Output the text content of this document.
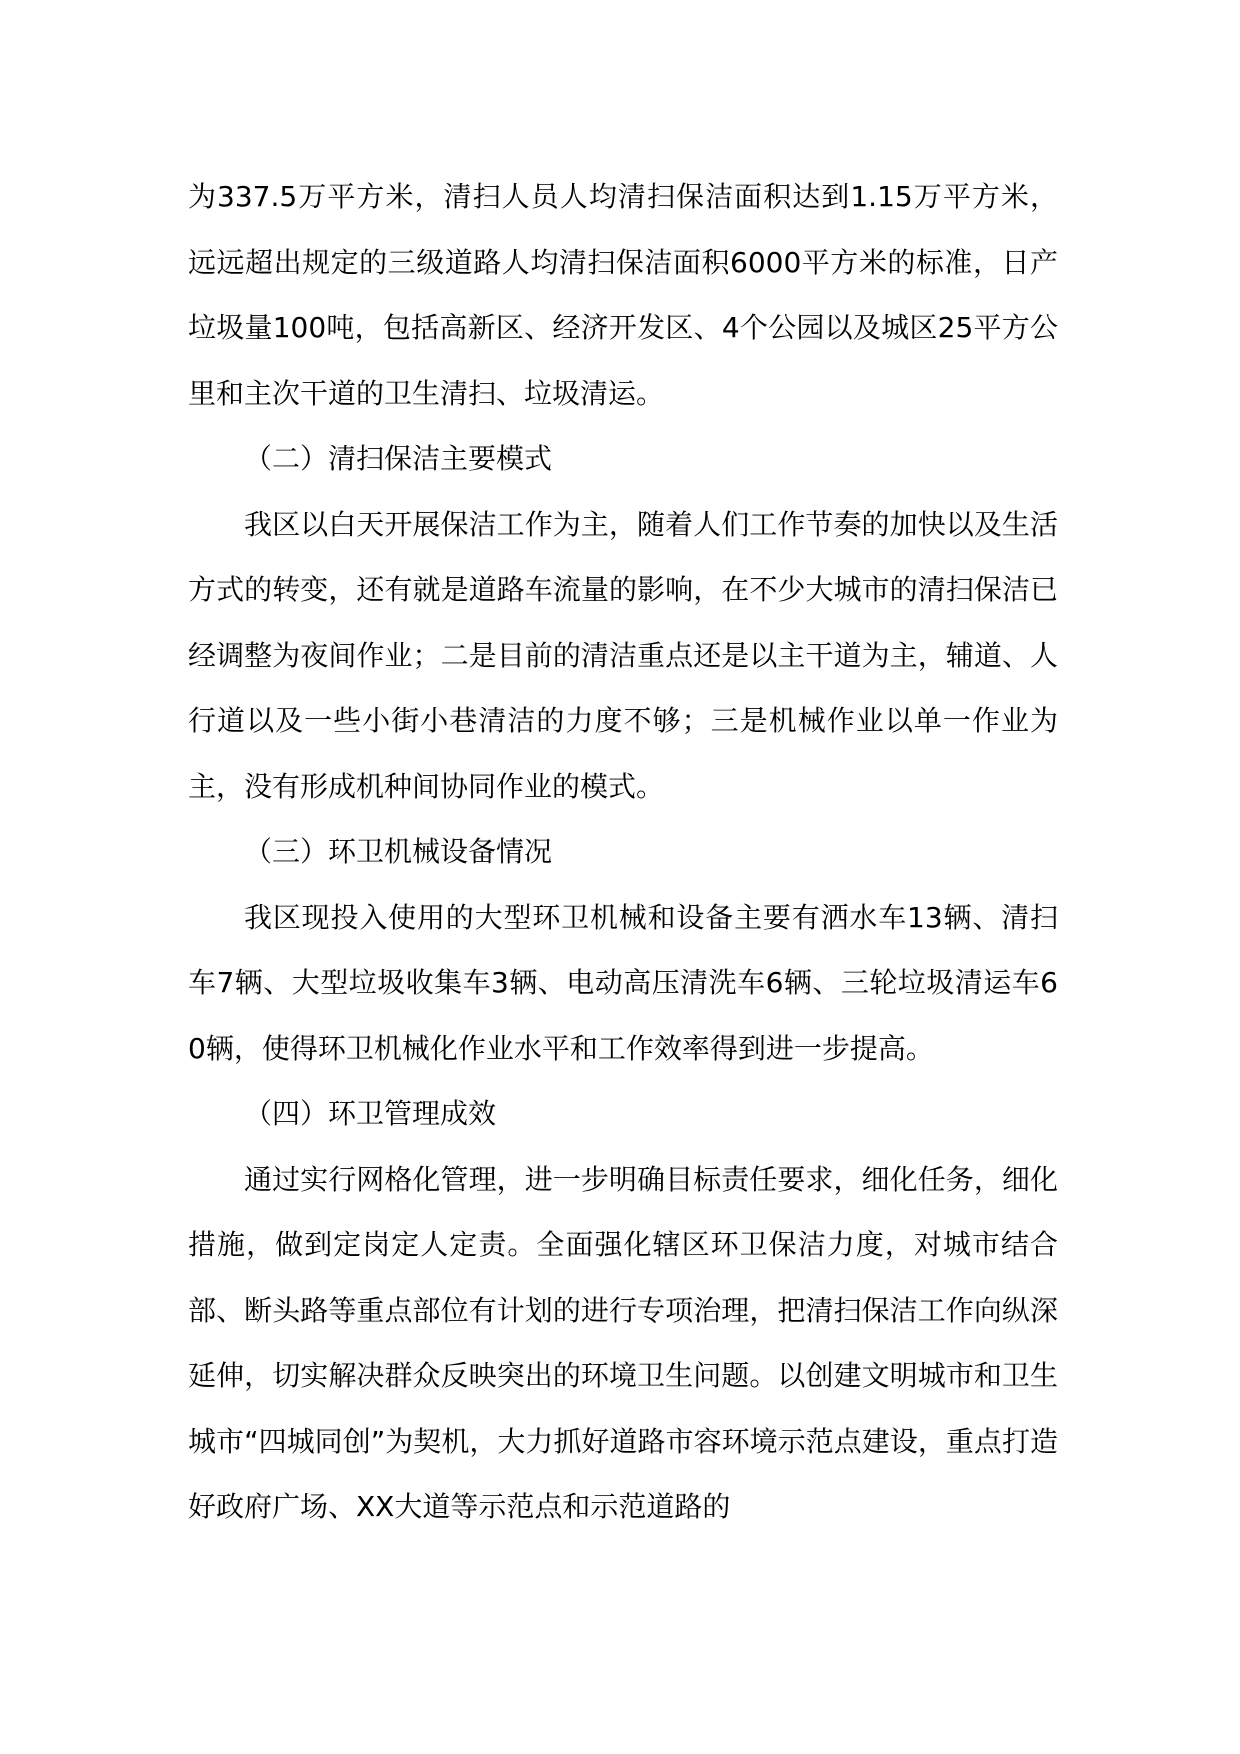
为337.5万平方米，清扫人员人均清扫保洁面积达到1.15万平方米，远远超出规定的三级道路人均清扫保洁面积6000平方米的标准，日产垃圾量100吨，包括高新区、经济开发区、4个公园以及城区25平方公里和主次干道的卫生清扫、垃圾清运。

（二）清扫保洁主要模式

我区以白天开展保洁工作为主，随着人们工作节奏的加快以及生活方式的转变，还有就是道路车流量的影响，在不少大城市的清扫保洁已经调整为夜间作业；二是目前的清洁重点还是以主干道为主，辅道、人行道以及一些小街小巷清洁的力度不够；三是机械作业以单一作业为主，没有形成机种间协同作业的模式。

（三）环卫机械设备情况

我区现投入使用的大型环卫机械和设备主要有洒水车13辆、清扫车7辆、大型垃圾收集车3辆、电动高压清洗车6辆、三轮垃圾清运车60辆，使得环卫机械化作业水平和工作效率得到进一步提高。

（四）环卫管理成效

通过实行网格化管理，进一步明确目标责任要求，细化任务，细化措施，做到定岗定人定责。全面强化辖区环卫保洁力度，对城市结合部、断头路等重点部位有计划的进行专项治理，把清扫保洁工作向纵深延伸，切实解决群众反映突出的环境卫生问题。以创建文明城市和卫生城市“四城同创”为契机，大力抓好道路市容环境示范点建设，重点打造好政府广场、XX大道等示范点和示范道路的
